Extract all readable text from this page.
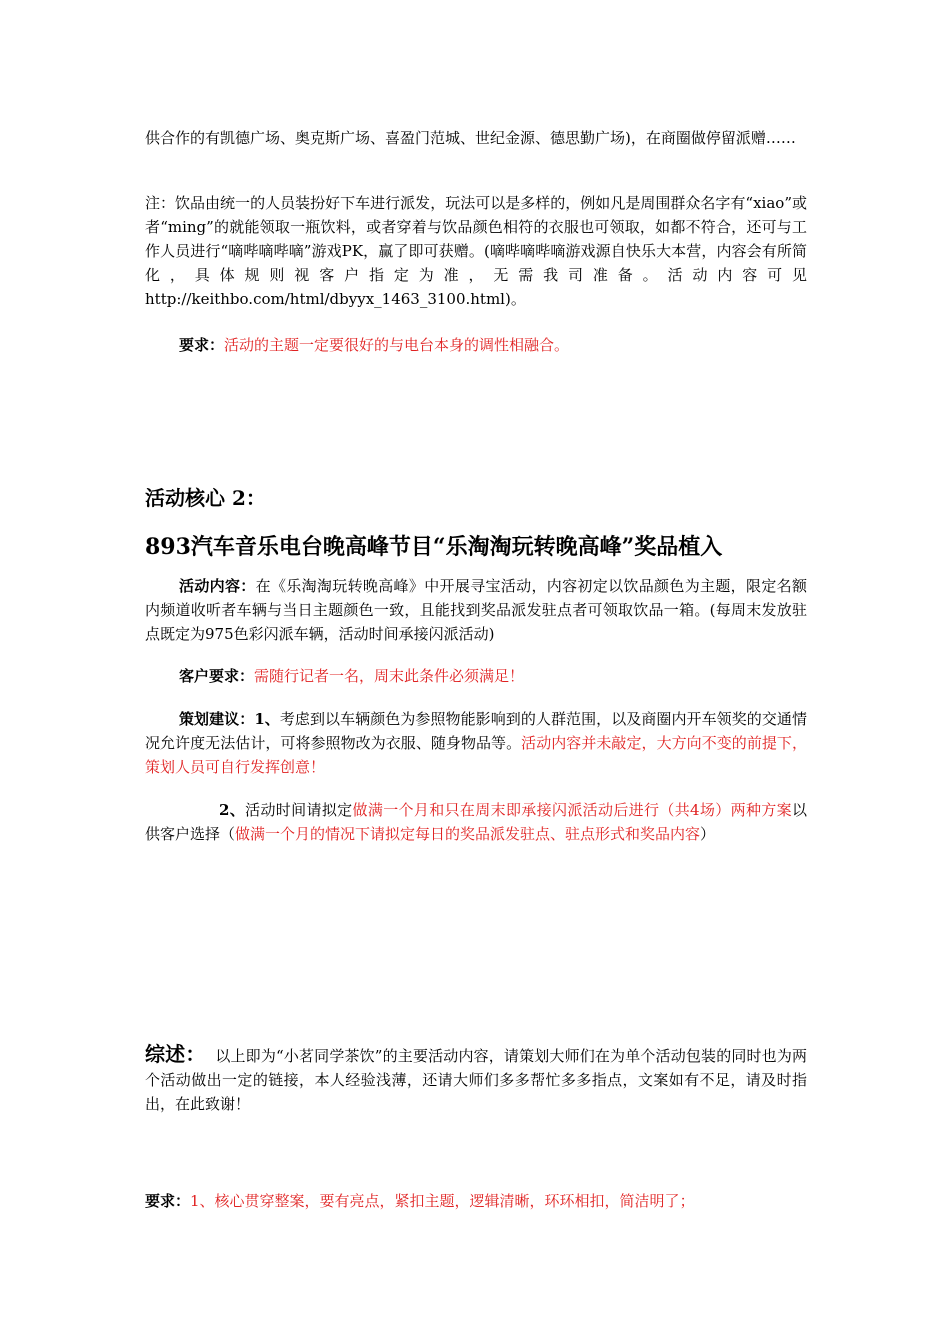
供合作的有凯德广场、奥克斯广场、喜盈门范城、世纪金源、德思勤广场)，在商圈做停留派赠……
注：饮品由统一的人员装扮好下车进行派发，玩法可以是多样的，例如凡是周围群众名字有“xiao”或者“ming”的就能领取一瓶饮料，或者穿着与饮品颜色相符的衣服也可领取，如都不符合，还可与工作人员进行“嘀哔嘀哔嘀”游戏PK，赢了即可获赠。(嘀哔嘀哔嘀游戏源自快乐大本营，内容会有所简化，具体规则视客户指定为准，无需我司准备。活动内容可见http://keithbo.com/html/dbyyx_1463_3100.html)。
要求：活动的主题一定要很好的与电台本身的调性相融合。
活动核心 2：
893汽车音乐电台晚高峰节目“乐淘淘玩转晚高峰”奖品植入
活动内容：在《乐淘淘玩转晚高峰》中开展寻宝活动，内容初定以饮品颜色为主题，限定名额内频道收听者车辆与当日主题颜色一致，且能找到奖品派发驻点者可领取饮品一箱。(每周末发放驻点既定为975色彩闪派车辆，活动时间承接闪派活动)
客户要求：需随行记者一名，周末此条件必须满足！
策划建议：1、考虑到以车辆颜色为参照物能影响到的人群范围，以及商圈内开车领奖的交通情况允许度无法估计，可将参照物改为衣服、随身物品等。活动内容并未敲定，大方向不变的前提下，策划人员可自行发挥创意！
2、活动时间请拟定做满一个月和只在周末即承接闪派活动后进行（共4场）两种方案以供客户选择（做满一个月的情况下请拟定每日的奖品派发驻点、驻点形式和奖品内容）
综述： 以上即为“小茗同学茶饮”的主要活动内容，请策划大师们在为单个活动包装的同时也为两个活动做出一定的链接，本人经验浅薄，还请大师们多多帮忙多多指点，文案如有不足，请及时指出，在此致谢！
要求：1、核心贯穿整案，要有亮点，紧扣主题，逻辑清晰，环环相扣，简洁明了；
